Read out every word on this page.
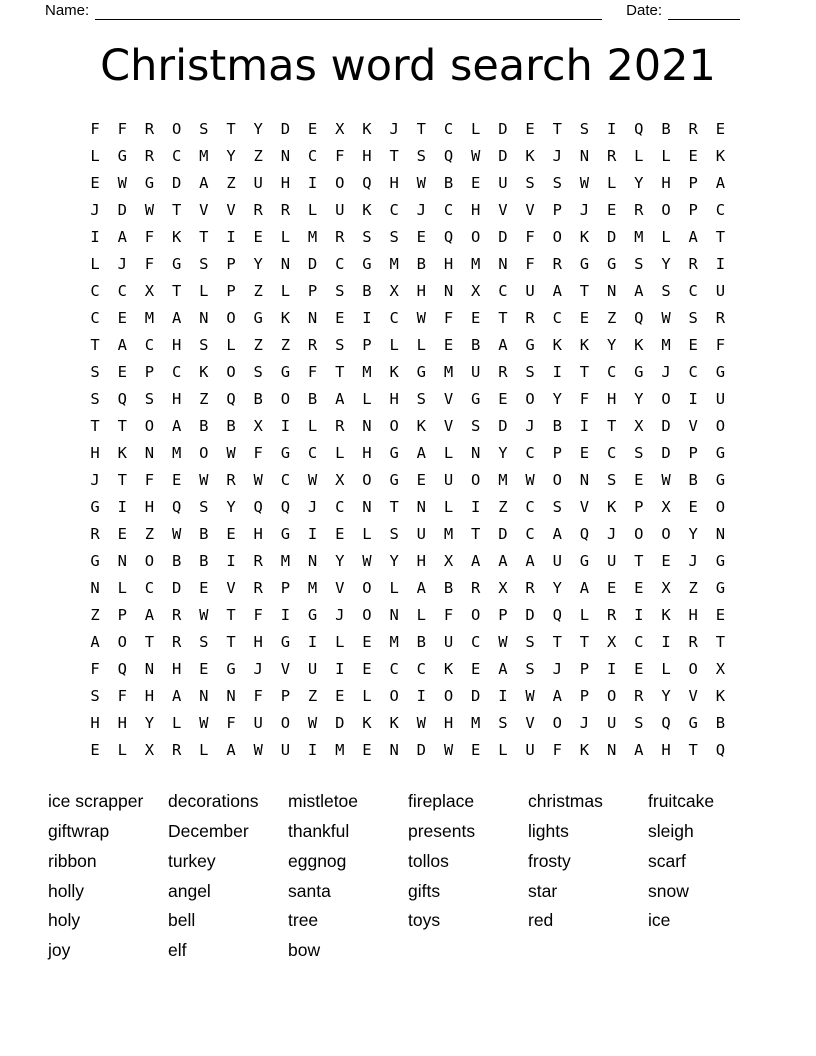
Name:	Date:
Christmas word search 2021
F	F	R	O	S	T	Y	D	E	X	K	J	T	C	L	D	E	T	S	I	Q	B	R	E
L	G	R	C	M	Y	Z	N	C	F	H	T	S	Q	W	D	K	J	N	R	L	L	E	K
E	W	G	D	A	Z	U	H	I	O	Q	H	W	B	E	U	S	S	W	L	Y	H	P	A
J	D	W	T	V	V	R	R	L	U	K	C	J	C	H	V	V	P	J	E	R	O	P	C
I	A	F	K	T	I	E	L	M	R	S	S	E	Q	O	D	F	O	K	D	M	L	A	T
L	J	F	G	S	P	Y	N	D	C	G	M	B	H	M	N	F	R	G	G	S	Y	R	I
C	C	X	T	L	P	Z	L	P	S	B	X	H	N	X	C	U	A	T	N	A	S	C	U
C	E	M	A	N	O	G	K	N	E	I	C	W	F	E	T	R	C	E	Z	Q	W	S	R
T	A	C	H	S	L	Z	Z	R	S	P	L	L	E	B	A	G	K	K	Y	K	M	E	F
S	E	P	C	K	O	S	G	F	T	M	K	G	M	U	R	S	I	T	C	G	J	C	G
S	Q	S	H	Z	Q	B	O	B	A	L	H	S	V	G	E	O	Y	F	H	Y	O	I	U
T	T	O	A	B	B	X	I	L	R	N	O	K	V	S	D	J	B	I	T	X	D	V	O
H	K	N	M	O	W	F	G	C	L	H	G	A	L	N	Y	C	P	E	C	S	D	P	G
J	T	F	E	W	R	W	C	W	X	O	G	E	U	O	M	W	O	N	S	E	W	B	G
G	I	H	Q	S	Y	Q	Q	J	C	N	T	N	L	I	Z	C	S	V	K	P	X	E	O
R	E	Z	W	B	E	H	G	I	E	L	S	U	M	T	D	C	A	Q	J	O	O	Y	N
G	N	O	B	B	I	R	M	N	Y	W	Y	H	X	A	A	A	U	G	U	T	E	J	G
N	L	C	D	E	V	R	P	M	V	O	L	A	B	R	X	R	Y	A	E	E	X	Z	G
Z	P	A	R	W	T	F	I	G	J	O	N	L	F	O	P	D	Q	L	R	I	K	H	E
A	O	T	R	S	T	H	G	I	L	E	M	B	U	C	W	S	T	T	X	C	I	R	T
F	Q	N	H	E	G	J	V	U	I	E	C	C	K	E	A	S	J	P	I	E	L	O	X
S	F	H	A	N	N	F	P	Z	E	L	O	I	O	D	I	W	A	P	O	R	Y	V	K
H	H	Y	L	W	F	U	O	W	D	K	K	W	H	M	S	V	O	J	U	S	Q	G	B
E	L	X	R	L	A	W	U	I	M	E	N	D	W	E	L	U	F	K	N	A	H	T	Q
ice scrapper
giftwrap
ribbon
holly
holy
joy
decorations
December
turkey
angel
bell
elf
mistletoe
thankful
eggnog
santa
tree
bow
fireplace
presents
tollos
gifts
toys
christmas
lights
frosty
star
red
fruitcake
sleigh
scarf
snow
ice
